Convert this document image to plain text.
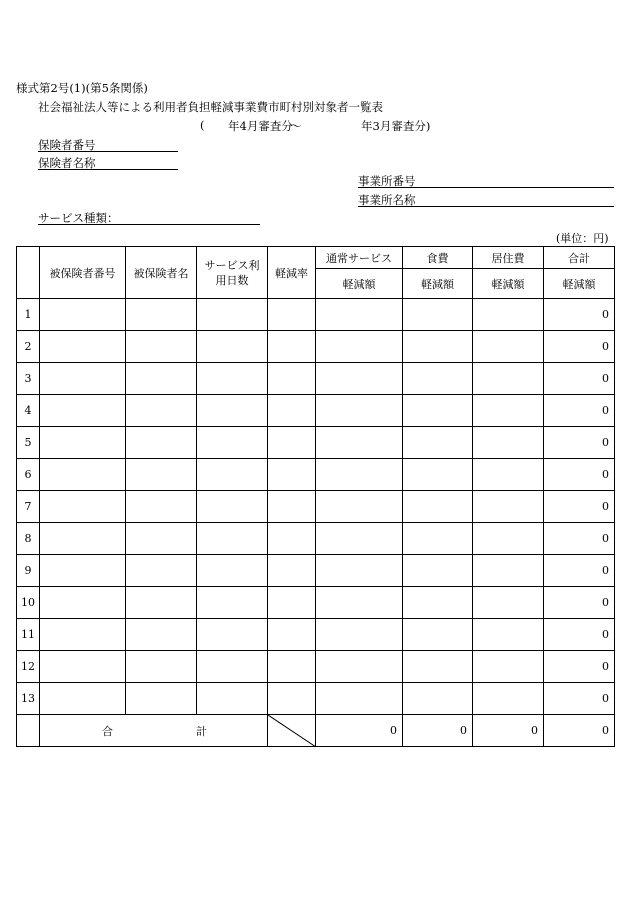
様式第2号(1)(第5条関係)
社会福祉法人等による利用者負担軽減事業費市町村別対象者一覧表
( 年4月審査分
～	年3月審査分)
保険者番号
保険者名称
事業所番号
事業所名称
サービス種類：
(単位：円)
	被保険者番号	被保険者名	サービス利用日数	軽減率	通常サービス	食費	居住費	合計
					軽減額	軽減額	軽減額	軽減額
1								0
2								0
3								0
4								0
5								0
6								0
7								0
8								0
9								0
10								0
11								0
12								0
13								0

	合 計				0	0	0	0
